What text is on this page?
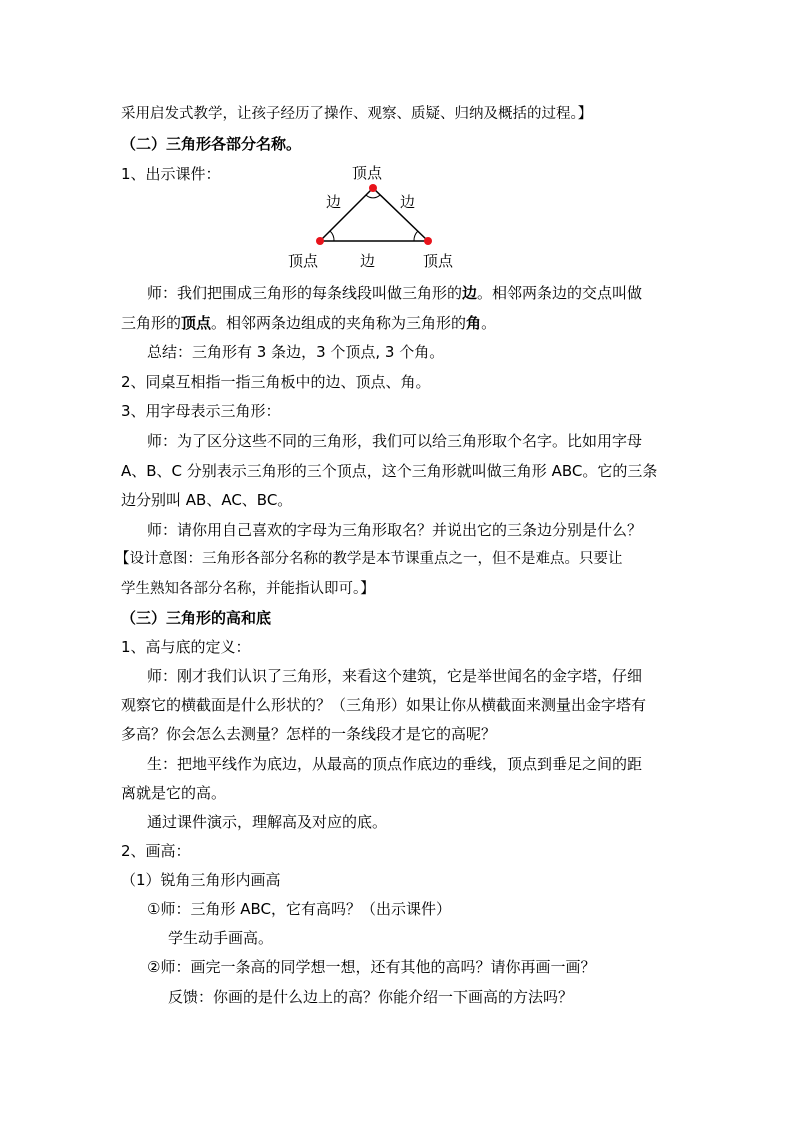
采用启发式教学，让孩子经历了操作、观察、质疑、归纳及概括的过程。】
（二）三角形各部分名称。
1、出示课件：	顶点
边	边
顶点	边	顶点
师：我们把围成三角形的每条线段叫做三角形的边。相邻两条边的交点叫做
三角形的顶点。相邻两条边组成的夹角称为三角形的角。
总结：三角形有 3 条边，3 个顶点, 3 个角。
2、同桌互相指一指三角板中的边、顶点、角。
3、用字母表示三角形：
师：为了区分这些不同的三角形，我们可以给三角形取个名字。比如用字母
A、B、C 分别表示三角形的三个顶点，这个三角形就叫做三角形 ABC。它的三条
边分别叫 AB、AC、BC。
师：请你用自己喜欢的字母为三角形取名？并说出它的三条边分别是什么？
【设计意图：三角形各部分名称的教学是本节课重点之一，但不是难点。只要让
学生熟知各部分名称，并能指认即可。】
（三）三角形的高和底
1、高与底的定义：
师：刚才我们认识了三角形，来看这个建筑，它是举世闻名的金字塔，仔细
观察它的横截面是什么形状的？（三角形）如果让你从横截面来测量出金字塔有
多高？你会怎么去测量？怎样的一条线段才是它的高呢？
生：把地平线作为底边，从最高的顶点作底边的垂线，顶点到垂足之间的距
离就是它的高。
通过课件演示，理解高及对应的底。
2、画高：
（1）锐角三角形内画高
①师：三角形 ABC，它有高吗？（出示课件）
学生动手画高。
②师：画完一条高的同学想一想，还有其他的高吗？请你再画一画？
反馈：你画的是什么边上的高？你能介绍一下画高的方法吗？
